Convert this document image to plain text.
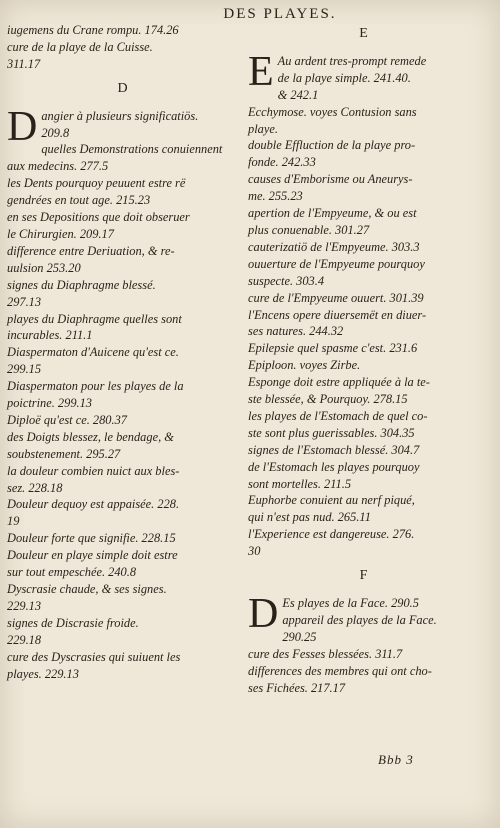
DES PLAYES.

iugemens du Crane rompu. 174.26

cure de la playe de la Cuisse.

311.17

D
D angier à plusieurs significatiös.

209.8

quelles Demonstrations conuiennent

aux medecins. 277.5

les Dents pourquoy peuuent estre rë

gendrées en tout age. 215.23

en ses Depositions que doit obseruer

le Chirurgien. 209.17

difference entre Deriuation, & re-

uulsion 253.20

signes du Diaphragme blessé.

297.13

playes du Diaphragme quelles sont

incurables. 211.1

Diaspermaton d'Auicene qu'est ce.

299.15

Diaspermaton pour les playes de la

poictrine. 299.13

Diploë qu'est ce. 280.37

des Doigts blessez, le bendage, &

soubstenement. 295.27

la douleur combien nuict aux bles-

sez. 228.18

Douleur dequoy est appaisée. 228.

19

Douleur forte que signifie. 228.15

Douleur en playe simple doit estre

sur tout empeschée. 240.8

Dyscrasie chaude, & ses signes.

229.13

signes de Discrasie froide.

229.18

cure des Dyscrasies qui suiuent les

playes. 229.13

E
E Au ardent tres-prompt remede

de la playe simple. 241.40.

& 242.1

Ecchymose. voyes Contusion sans

playe.

double Effluction de la playe pro-

fonde. 242.33

causes d'Emborisme ou Aneurys-

me. 255.23

apertion de l'Empyeume, & ou est

plus conuenable. 301.27

cauterizatiö de l'Empyeume. 303.3

ouuerture de l'Empyeume pourquoy

suspecte. 303.4

cure de l'Empyeume ouuert. 301.39

l'Encens opere diuersemët en diuer-

ses natures. 244.32

Epilepsie quel spasme c'est. 231.6

Epiploon. voyes Zirbe.

Esponge doit estre appliquée à la te-

ste blessée, & Pourquoy. 278.15

les playes de l'Estomach de quel co-

ste sont plus guerissables. 304.35

signes de l'Estomach blessé. 304.7

de l'Estomach les playes pourquoy

sont mortelles. 211.5

Euphorbe conuient au nerf piqué,

qui n'est pas nud. 265.11

l'Experience est dangereuse. 276.

30

F
D Es playes de la Face. 290.5

appareil des playes de la Face.

290.25

cure des Fesses blessées. 311.7

differences des membres qui ont cho-

ses Fichées. 217.17

Bbb 3
